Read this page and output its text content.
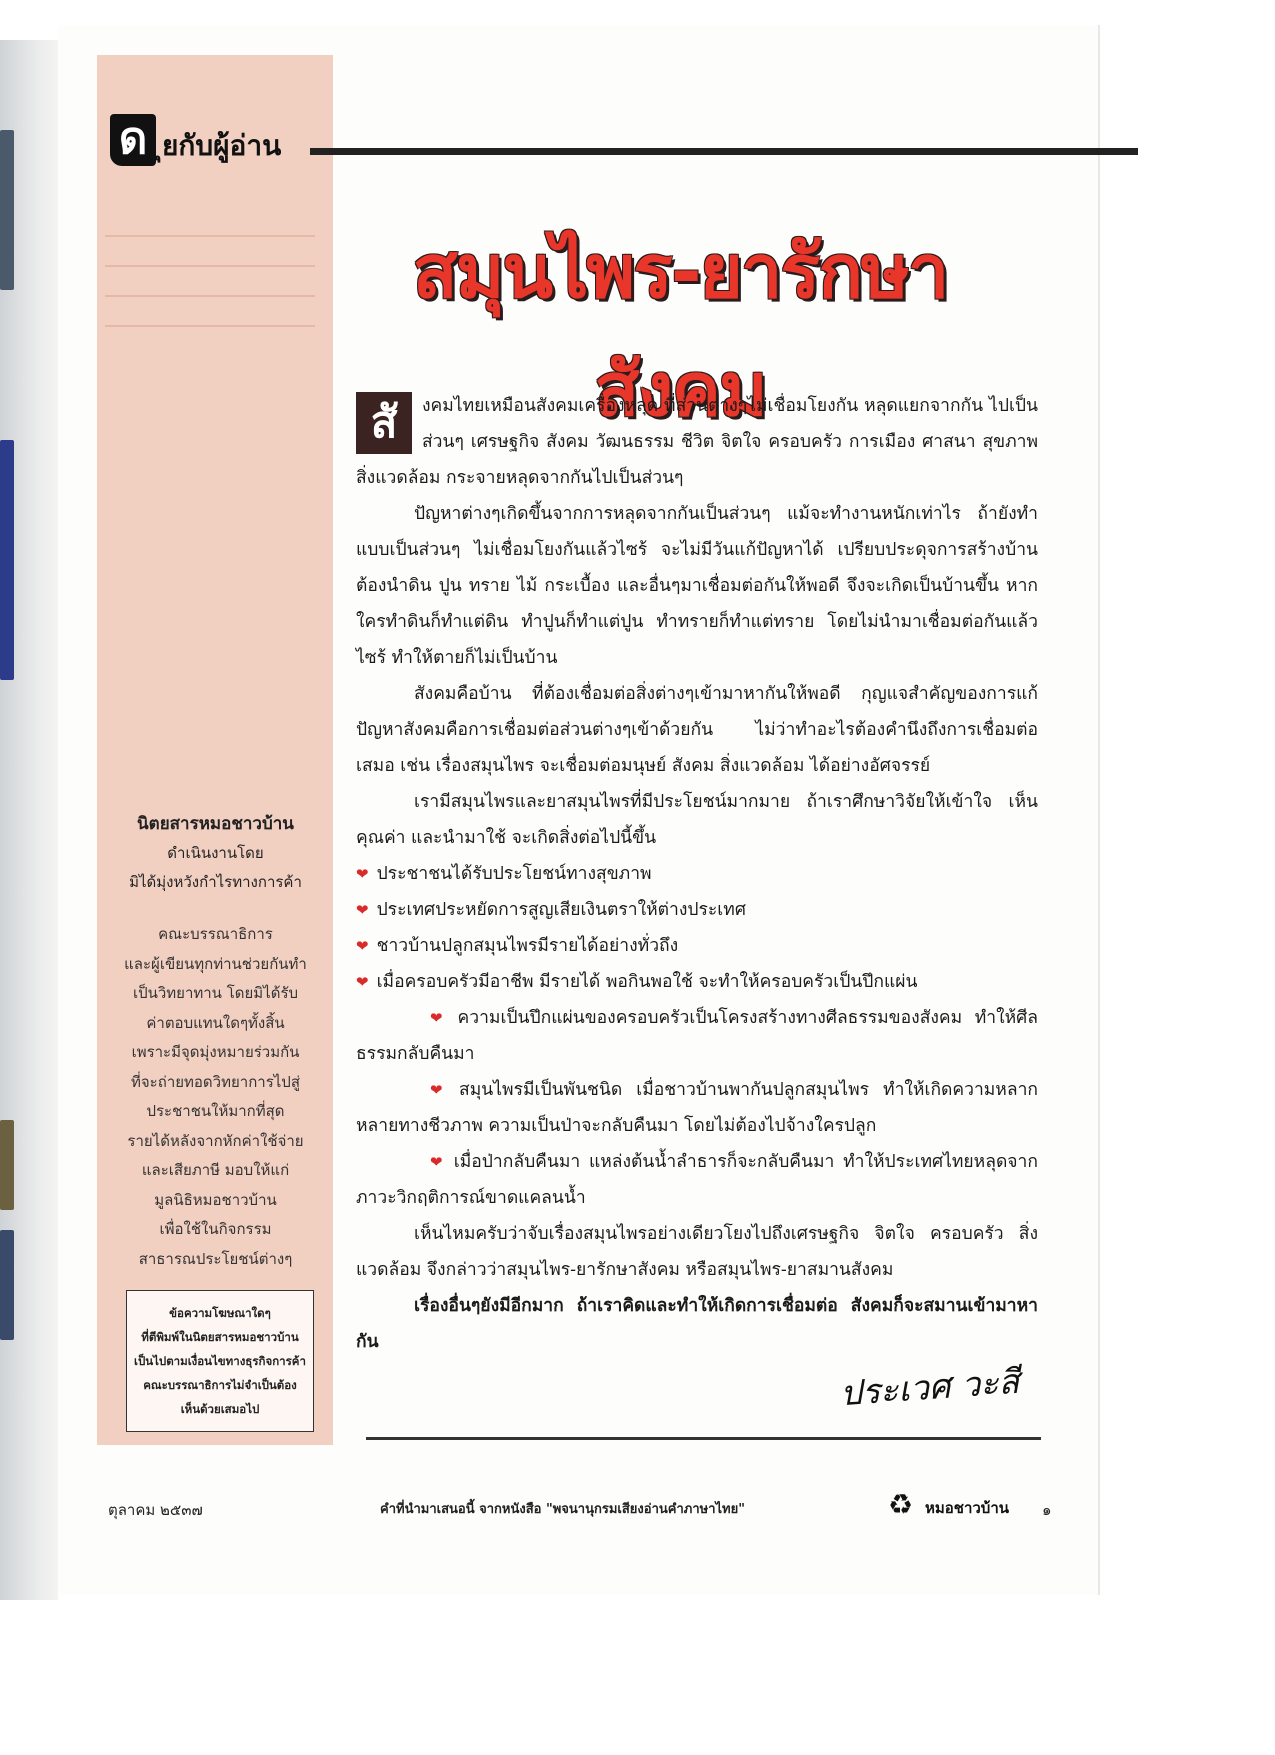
ด ุยกับผู้อ่าน
สมุนไพร-ยารักษาสังคม

สั	งคมไทยเหมือนสังคมเครื่องหลุด ที่ส่วนต่างๆไม่เชื่อมโยงกัน หลุดแยกจากกัน ไปเป็นส่วนๆ เศรษฐกิจ สังคม วัฒนธรรม ชีวิต จิตใจ ครอบครัว การเมือง ศาสนา สุขภาพ สิ่งแวดล้อม กระจายหลุดจากกันไปเป็นส่วนๆ

ปัญหาต่างๆเกิดขึ้นจากการหลุดจากกันเป็นส่วนๆ แม้จะทำงานหนักเท่าไร ถ้ายังทำแบบเป็นส่วนๆ ไม่เชื่อมโยงกันแล้วไซร้ จะไม่มีวันแก้ปัญหาได้ เปรียบประดุจการสร้างบ้าน ต้องนำดิน ปูน ทราย ไม้ กระเบื้อง และอื่นๆมาเชื่อมต่อกันให้พอดี จึงจะเกิดเป็นบ้านขึ้น หากใครทำดินก็ทำแต่ดิน ทำปูนก็ทำแต่ปูน ทำทรายก็ทำแต่ทราย โดยไม่นำมาเชื่อมต่อกันแล้วไซร้ ทำให้ตายก็ไม่เป็นบ้าน

สังคมคือบ้าน ที่ต้องเชื่อมต่อสิ่งต่างๆเข้ามาหากันให้พอดี กุญแจสำคัญของการแก้ปัญหาสังคมคือการเชื่อมต่อส่วนต่างๆเข้าด้วยกัน ไม่ว่าทำอะไรต้องคำนึงถึงการเชื่อมต่อเสมอ เช่น เรื่องสมุนไพร จะเชื่อมต่อมนุษย์ สังคม สิ่งแวดล้อม ได้อย่างอัศจรรย์

เรามีสมุนไพรและยาสมุนไพรที่มีประโยชน์มากมาย ถ้าเราศึกษาวิจัยให้เข้าใจ เห็นคุณค่า และนำมาใช้ จะเกิดสิ่งต่อไปนี้ขึ้น

❤ ประชาชนได้รับประโยชน์ทางสุขภาพ

❤ ประเทศประหยัดการสูญเสียเงินตราให้ต่างประเทศ

❤ ชาวบ้านปลูกสมุนไพรมีรายได้อย่างทั่วถึง

❤ เมื่อครอบครัวมีอาชีพ มีรายได้ พอกินพอใช้ จะทำให้ครอบครัวเป็นปึกแผ่น

❤ ความเป็นปึกแผ่นของครอบครัวเป็นโครงสร้างทางศีลธรรมของสังคม ทำให้ศีลธรรมกลับคืนมา

❤ สมุนไพรมีเป็นพันชนิด เมื่อชาวบ้านพากันปลูกสมุนไพร ทำให้เกิดความหลากหลายทางชีวภาพ ความเป็นป่าจะกลับคืนมา โดยไม่ต้องไปจ้างใครปลูก

❤ เมื่อป่ากลับคืนมา แหล่งต้นน้ำลำธารก็จะกลับคืนมา ทำให้ประเทศไทยหลุดจากภาวะวิกฤติการณ์ขาดแคลนน้ำ

เห็นไหมครับว่าจับเรื่องสมุนไพรอย่างเดียวโยงไปถึงเศรษฐกิจ จิตใจ ครอบครัว สิ่งแวดล้อม จึงกล่าวว่าสมุนไพร-ยารักษาสังคม หรือสมุนไพร-ยาสมานสังคม

เรื่องอื่นๆยังมีอีกมาก ถ้าเราคิดและทำให้เกิดการเชื่อมต่อ สังคมก็จะสมานเข้ามาหากัน

ประเวศ วะสี
นิตยสารหมอชาวบ้าน
ดำเนินงานโดย
มิได้มุ่งหวังกำไรทางการค้า
คณะบรรณาธิการ
และผู้เขียนทุกท่านช่วยกันทำ
เป็นวิทยาทาน โดยมิได้รับ
ค่าตอบแทนใดๆทั้งสิ้น
เพราะมีจุดมุ่งหมายร่วมกัน
ที่จะถ่ายทอดวิทยาการไปสู่
ประชาชนให้มากที่สุด
รายได้หลังจากหักค่าใช้จ่าย
และเสียภาษี มอบให้แก่
มูลนิธิหมอชาวบ้าน
เพื่อใช้ในกิจกรรม
สาธารณประโยชน์ต่างๆ
ข้อความโฆษณาใดๆ
ที่ตีพิมพ์ในนิตยสารหมอชาวบ้าน
เป็นไปตามเงื่อนไขทางธุรกิจการค้า
คณะบรรณาธิการไม่จำเป็นต้อง
เห็นด้วยเสมอไป
ตุลาคม ๒๕๓๗	คำที่นำมาเสนอนี้ จากหนังสือ "พจนานุกรมเสียงอ่านคำภาษาไทย"	♻ หมอชาวบ้าน ๑
